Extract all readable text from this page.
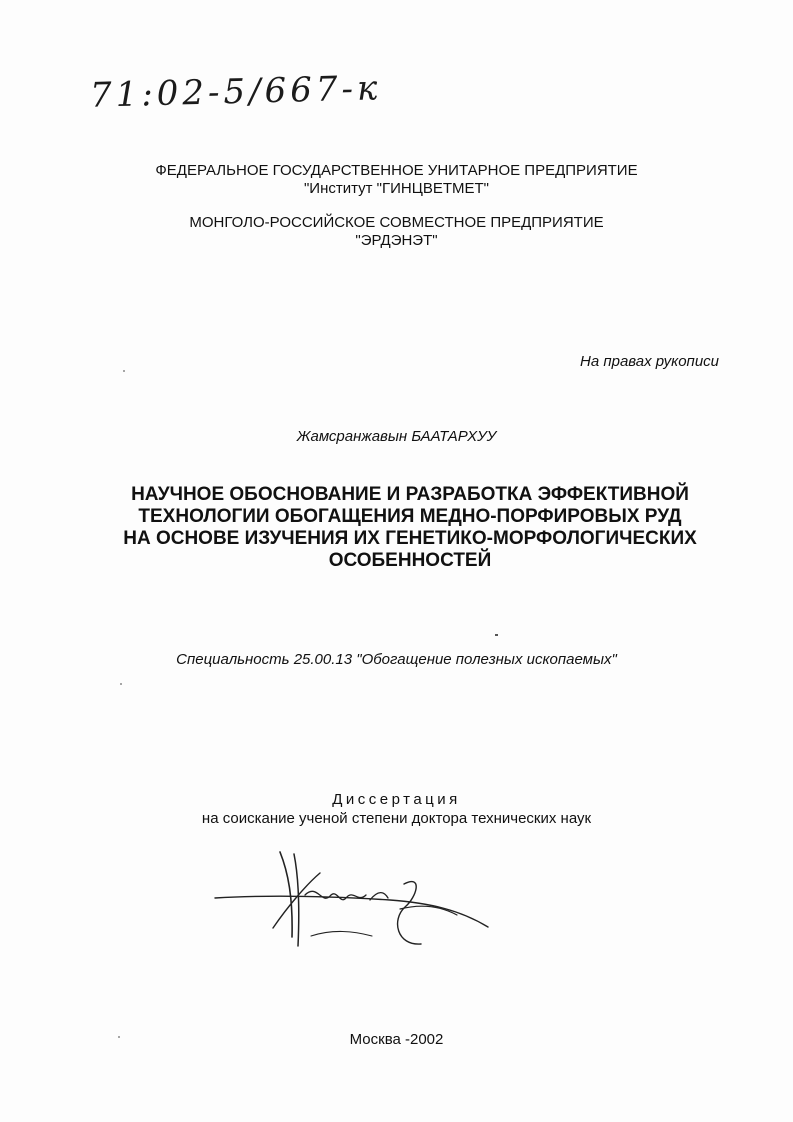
71:02-5/667-к
ФЕДЕРАЛЬНОЕ ГОСУДАРСТВЕННОЕ УНИТАРНОЕ ПРЕДПРИЯТИЕ
"Институт "ГИНЦВЕТМЕТ"
МОНГОЛО-РОССИЙСКОЕ СОВМЕСТНОЕ ПРЕДПРИЯТИЕ
"ЭРДЭНЭТ"
На правах рукописи
Жамсранжавын БААТАРХУУ
НАУЧНОЕ ОБОСНОВАНИЕ И РАЗРАБОТКА ЭФФЕКТИВНОЙ
ТЕХНОЛОГИИ ОБОГАЩЕНИЯ МЕДНО-ПОРФИРОВЫХ РУД
НА ОСНОВЕ ИЗУЧЕНИЯ ИХ ГЕНЕТИКО-МОРФОЛОГИЧЕСКИХ
ОСОБЕННОСТЕЙ
Специальность 25.00.13 "Обогащение полезных ископаемых"
Диссертация
на соискание ученой степени доктора технических наук
Москва -2002
